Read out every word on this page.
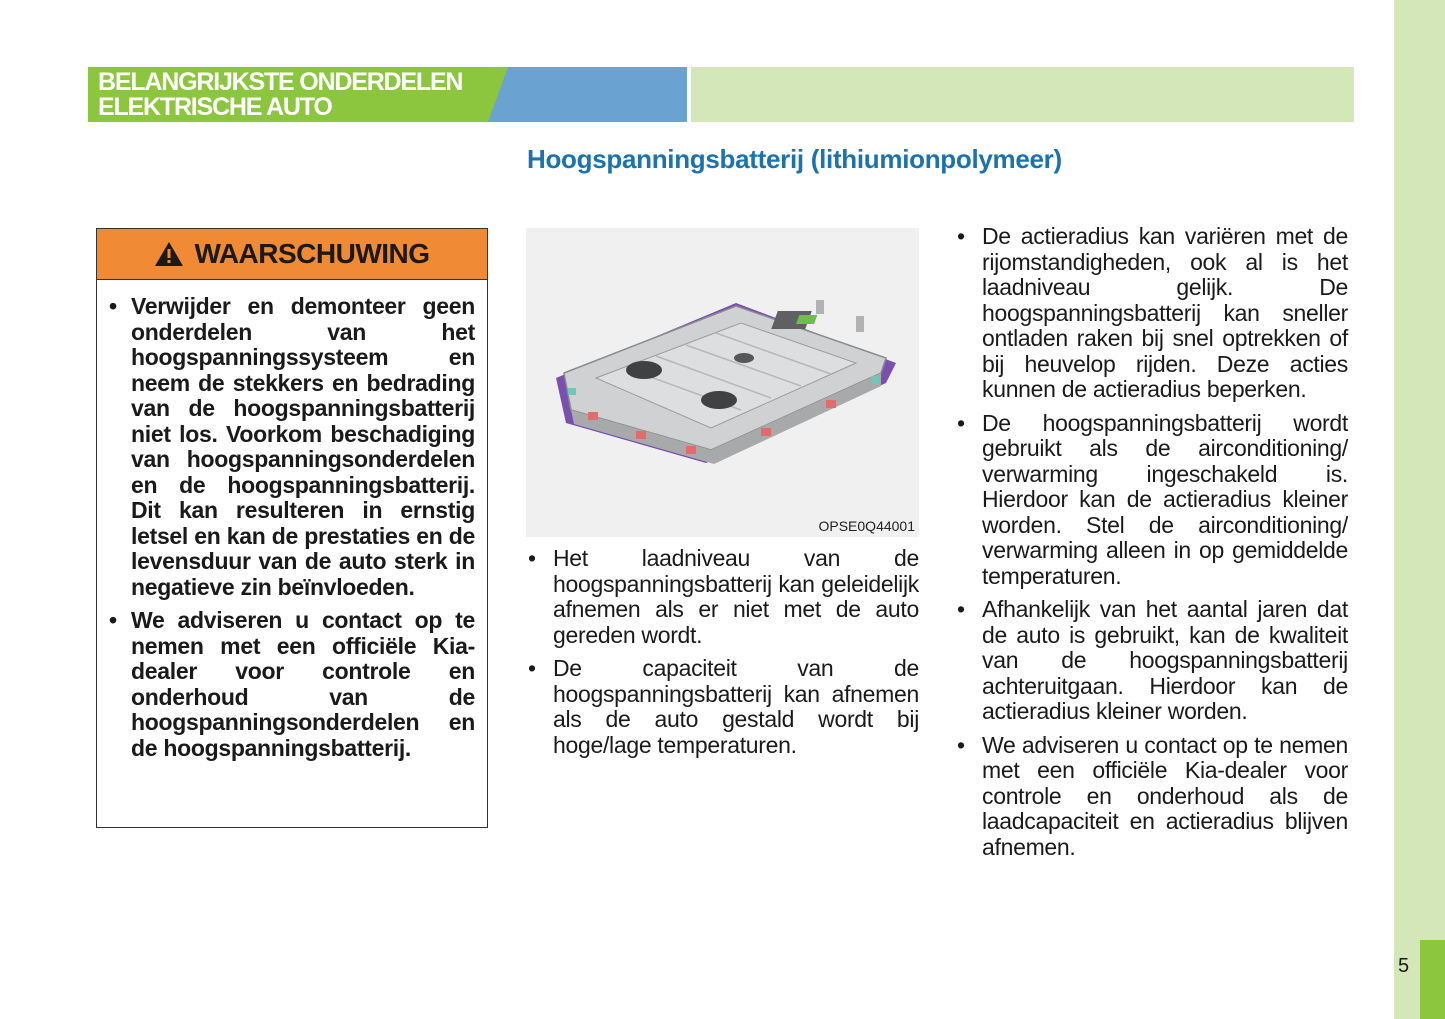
5
BELANGRIJKSTE ONDERDELEN
ELEKTRISCHE AUTO
Hoogspanningsbatterij (lithiumionpolymeer)
WAARSCHUWING
• Verwijder en demonteer geen onderdelen van het hoogspanningssysteem en neem de stekkers en bedrading van de hoogspanningsbatterij niet los. Voorkom beschadiging van hoogspanningsonderdelen en de hoogspanningsbatterij. Dit kan resulteren in ernstig letsel en kan de prestaties en de levensduur van de auto sterk in negatieve zin beïnvloeden.
• We adviseren u contact op te nemen met een officiële Kia-dealer voor controle en onderhoud van de hoogspanningsonderdelen en de hoogspanningsbatterij.
OPSE0Q44001
• Het laadniveau van de hoogspanningsbatterij kan geleidelijk afnemen als er niet met de auto gereden wordt.
• De capaciteit van de hoogspanningsbatterij kan afnemen als de auto gestald wordt bij hoge/lage temperaturen.
• De actieradius kan variëren met de rijomstandigheden, ook al is het laadniveau gelijk. De hoogspanningsbatterij kan sneller ontladen raken bij snel optrekken of bij heuvelop rijden. Deze acties kunnen de actieradius beperken.
• De hoogspanningsbatterij wordt gebruikt als de airconditioning/ verwarming ingeschakeld is. Hierdoor kan de actieradius kleiner worden. Stel de airconditioning/ verwarming alleen in op gemiddelde temperaturen.
• Afhankelijk van het aantal jaren dat de auto is gebruikt, kan de kwaliteit van de hoogspanningsbatterij achteruitgaan. Hierdoor kan de actieradius kleiner worden.
• We adviseren u contact op te nemen met een officiële Kia-dealer voor controle en onderhoud als de laadcapaciteit en actieradius blijven afnemen.
